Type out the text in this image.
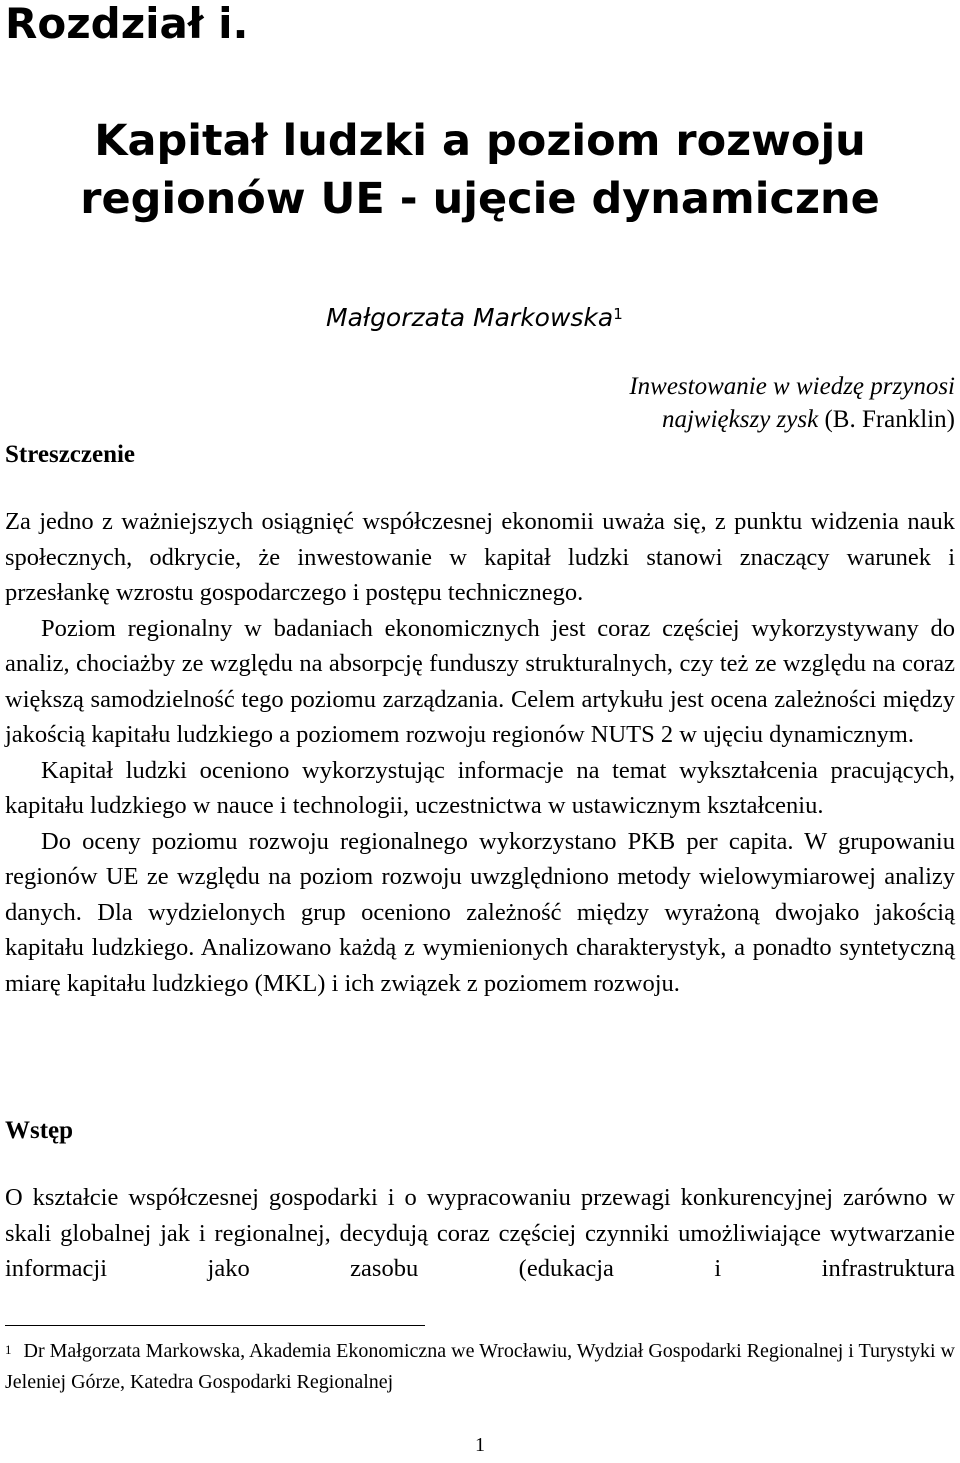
Rozdział i.
Kapitał ludzki a poziom rozwoju
regionów UE - ujęcie dynamiczne
Małgorzata Markowska$^1$
Inwestowanie w wiedzę przynosi
największy zysk (B. Franklin)
Streszczenie

Za jedno z ważniejszych osiągnięć współczesnej ekonomii uważa się, z punktu widzenia nauk społecznych, odkrycie, że inwestowanie w kapitał ludzki stanowi znaczący warunek i przesłankę wzrostu gospodarczego i postępu technicznego.

Poziom regionalny w badaniach ekonomicznych jest coraz częściej wykorzystywany do analiz, chociażby ze względu na absorpcję funduszy strukturalnych, czy też ze względu na coraz większą samodzielność tego poziomu zarządzania. Celem artykułu jest ocena zależności między jakością kapitału ludzkiego a poziomem rozwoju regionów NUTS 2 w ujęciu dynamicznym.

Kapitał ludzki oceniono wykorzystując informacje na temat wykształcenia pracujących, kapitału ludzkiego w nauce i technologii, uczestnictwa w ustawicznym kształceniu.

Do oceny poziomu rozwoju regionalnego wykorzystano PKB per capita. W grupowaniu regionów UE ze względu na poziom rozwoju uwzględniono metody wielowymiarowej analizy danych. Dla wydzielonych grup oceniono zależność między wyrażoną dwojako jakością kapitału ludzkiego. Analizowano każdą z wymienionych charakterystyk, a ponadto syntetyczną miarę kapitału ludzkiego (MKL) i ich związek z poziomem rozwoju.

Wstęp

O kształcie współczesnej gospodarki i o wypracowaniu przewagi konkurencyjnej zarówno w skali globalnej jak i regionalnej, decydują coraz częściej czynniki umożliwiające wytwarzanie informacji jako zasobu (edukacja i infrastruktura

$^1$ Dr Małgorzata Markowska, Akademia Ekonomiczna we Wrocławiu, Wydział Gospodarki Regionalnej i Turystyki w Jeleniej Górze, Katedra Gospodarki Regionalnej

1
